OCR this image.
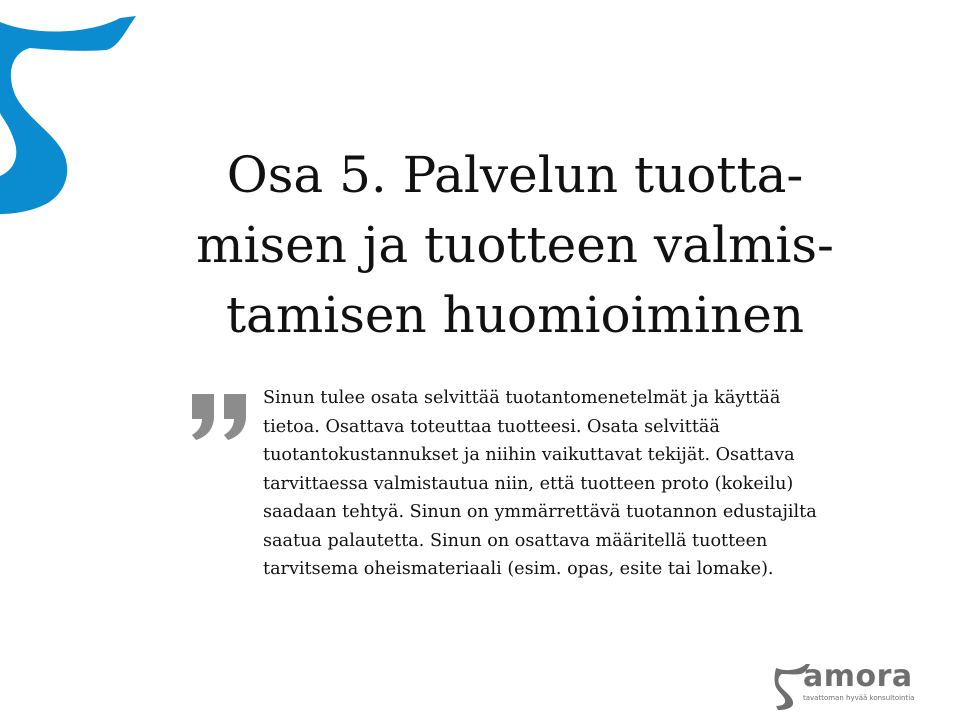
Osa 5. Palvelun tuotta-
misen ja tuotteen valmis-
tamisen huomioiminen
Sinun tulee osata selvittää tuotantomenetelmät ja käyttää
tietoa. Osattava toteuttaa tuotteesi. Osata selvittää
tuotantokustannukset ja niihin vaikuttavat tekijät. Osattava
tarvittaessa valmistautua niin, että tuotteen proto (kokeilu)
saadaan tehtyä. Sinun on ymmärrettävä tuotannon edustajilta
saatua palautetta. Sinun on osattava määritellä tuotteen
tarvitsema oheismateriaali (esim. opas, esite tai lomake).
amora
tavattoman hyvää konsultointia
